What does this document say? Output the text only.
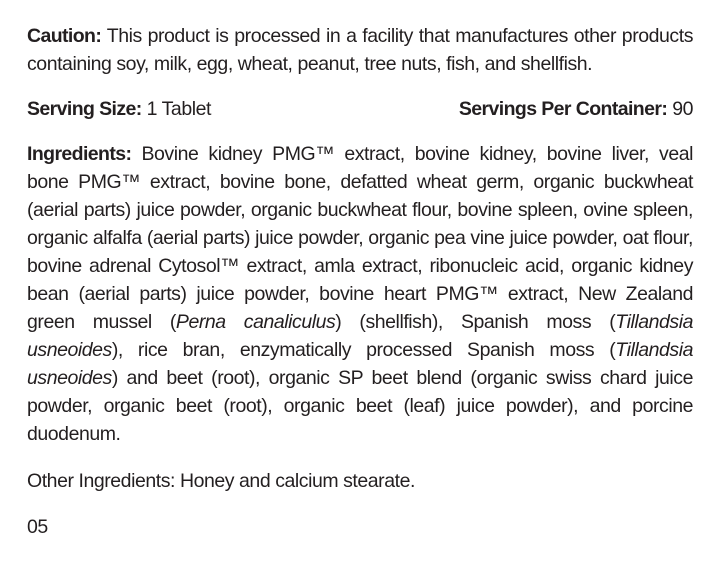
Caution: This product is processed in a facility that manufactures other products containing soy, milk, egg, wheat, peanut, tree nuts, fish, and shellfish.

Serving Size: 1 Tablet	Servings Per Container: 90

Ingredients: Bovine kidney PMG™ extract, bovine kidney, bovine liver, veal bone PMG™ extract, bovine bone, defatted wheat germ, organic buckwheat (aerial parts) juice powder, organic buckwheat flour, bovine spleen, ovine spleen, organic alfalfa (aerial parts) juice powder, organic pea vine juice powder, oat flour, bovine adrenal Cytosol™ extract, amla extract, ribonucleic acid, organic kidney bean (aerial parts) juice powder, bovine heart PMG™ extract, New Zealand green mussel (Perna canaliculus) (shellfish), Spanish moss (Tillandsia usneoides), rice bran, enzymatically processed Spanish moss (Tillandsia usneoides) and beet (root), organic SP beet blend (organic swiss chard juice powder, organic beet (root), organic beet (leaf) juice powder), and porcine duodenum.

Other Ingredients: Honey and calcium stearate.

05
